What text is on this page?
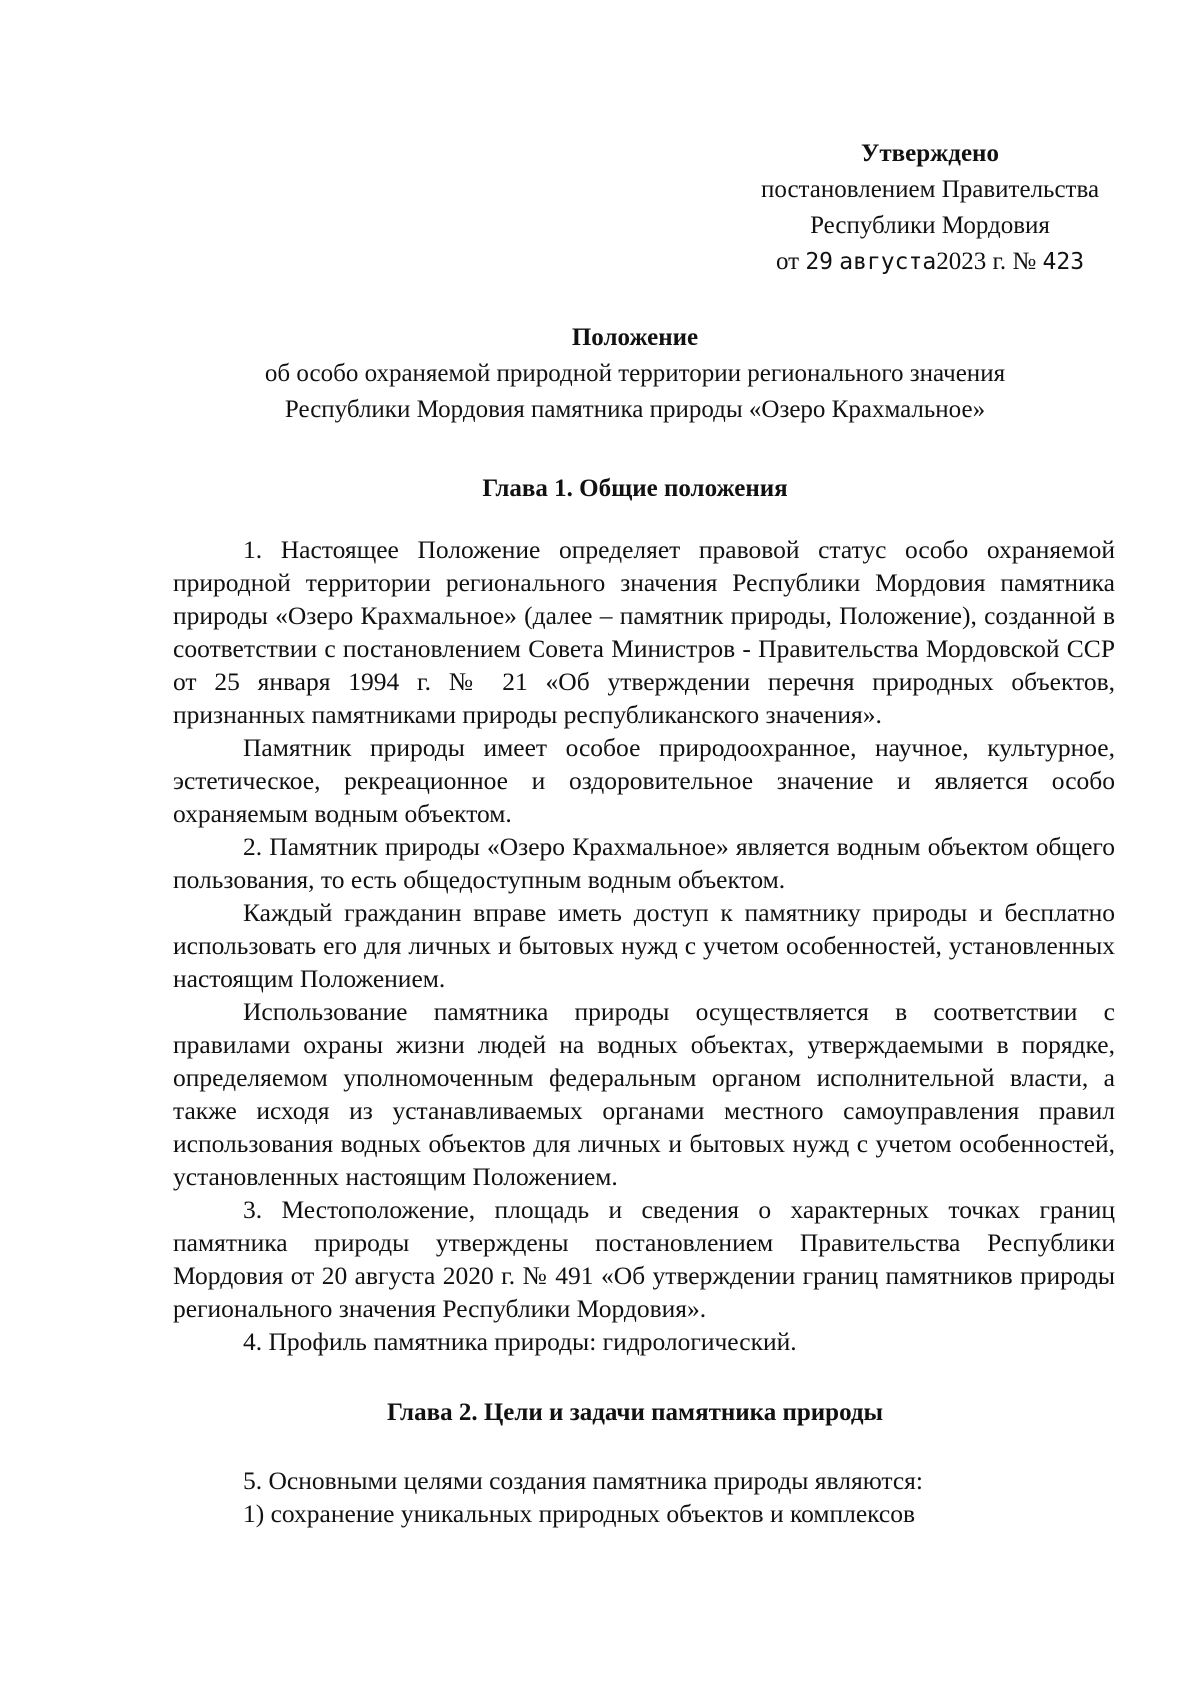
Утверждено
постановлением Правительства
Республики Мордовия
от 29 августа2023 г. № 423
Положение
об особо охраняемой природной территории регионального значения
Республики Мордовия памятника природы «Озеро Крахмальное»
Глава 1. Общие положения

1. Настоящее Положение определяет правовой статус особо охраняемой природной территории регионального значения Республики Мордовия памятника природы «Озеро Крахмальное» (далее – памятник природы, Положение), созданной в соответствии с постановлением Совета Министров - Правительства Мордовской ССР от 25 января 1994 г. № 21 «Об утверждении перечня природных объектов, признанных памятниками природы республиканского значения».

Памятник природы имеет особое природоохранное, научное, культурное, эстетическое, рекреационное и оздоровительное значение и является особо охраняемым водным объектом.

2. Памятник природы «Озеро Крахмальное» является водным объектом общего пользования, то есть общедоступным водным объектом.

Каждый гражданин вправе иметь доступ к памятнику природы и бесплатно использовать его для личных и бытовых нужд с учетом особенностей, установленных настоящим Положением.

Использование памятника природы осуществляется в соответствии с правилами охраны жизни людей на водных объектах, утверждаемыми в порядке, определяемом уполномоченным федеральным органом исполнительной власти, а также исходя из устанавливаемых органами местного самоуправления правил использования водных объектов для личных и бытовых нужд с учетом особенностей, установленных настоящим Положением.

3. Местоположение, площадь и сведения о характерных точках границ памятника природы утверждены постановлением Правительства Республики Мордовия от 20 августа 2020 г. № 491 «Об утверждении границ памятников природы регионального значения Республики Мордовия».

4. Профиль памятника природы: гидрологический.

Глава 2. Цели и задачи памятника природы

5. Основными целями создания памятника природы являются:

1) сохранение уникальных природных объектов и комплексов
